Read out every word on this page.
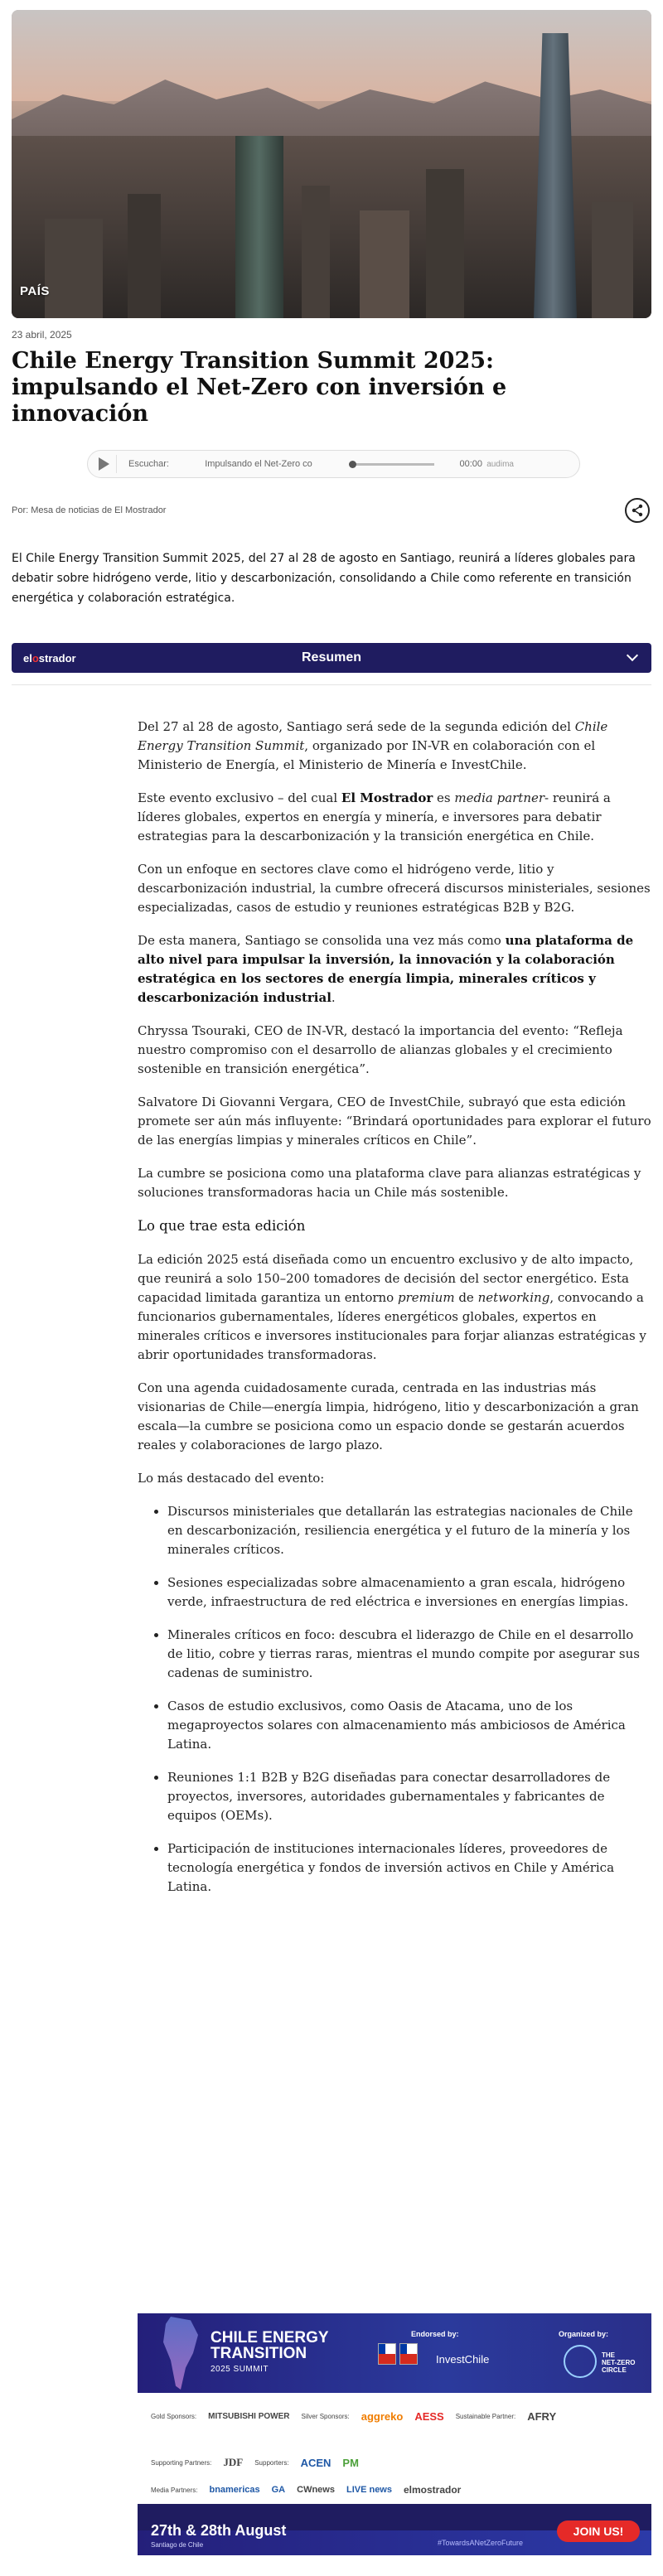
PAÍS
23 abril, 2025
Chile Energy Transition Summit 2025: impulsando el Net-Zero con inversión e innovación
Escuchar:	Impulsando el Net-Zero co	00:00 audima
Por: Mesa de noticias de El Mostrador

El Chile Energy Transition Summit 2025, del 27 al 28 de agosto en Santiago, reunirá a líderes globales para debatir sobre hidrógeno verde, litio y descarbonización, consolidando a Chile como referente en transición energética y colaboración estratégica.

elostrador	Resumen

Del 27 al 28 de agosto, Santiago será sede de la segunda edición del Chile Energy Transition Summit, organizado por IN-VR en colaboración con el Ministerio de Energía, el Ministerio de Minería e InvestChile.

Este evento exclusivo – del cual El Mostrador es media partner- reunirá a líderes globales, expertos en energía y minería, e inversores para debatir estrategias para la descarbonización y la transición energética en Chile.

Con un enfoque en sectores clave como el hidrógeno verde, litio y descarbonización industrial, la cumbre ofrecerá discursos ministeriales, sesiones especializadas, casos de estudio y reuniones estratégicas B2B y B2G.

De esta manera, Santiago se consolida una vez más como una plataforma de alto nivel para impulsar la inversión, la innovación y la colaboración estratégica en los sectores de energía limpia, minerales críticos y descarbonización industrial.

Chryssa Tsouraki, CEO de IN-VR, destacó la importancia del evento: “Refleja nuestro compromiso con el desarrollo de alianzas globales y el crecimiento sostenible en transición energética”.

Salvatore Di Giovanni Vergara, CEO de InvestChile, subrayó que esta edición promete ser aún más influyente: “Brindará oportunidades para explorar el futuro de las energías limpias y minerales críticos en Chile”.

La cumbre se posiciona como una plataforma clave para alianzas estratégicas y soluciones transformadoras hacia un Chile más sostenible.

Lo que trae esta edición

La edición 2025 está diseñada como un encuentro exclusivo y de alto impacto, que reunirá a solo 150–200 tomadores de decisión del sector energético. Esta capacidad limitada garantiza un entorno premium de networking, convocando a funcionarios gubernamentales, líderes energéticos globales, expertos en minerales críticos e inversores institucionales para forjar alianzas estratégicas y abrir oportunidades transformadoras.

Con una agenda cuidadosamente curada, centrada en las industrias más visionarias de Chile—energía limpia, hidrógeno, litio y descarbonización a gran escala—la cumbre se posiciona como un espacio donde se gestarán acuerdos reales y colaboraciones de largo plazo.

Lo más destacado del evento:

• Discursos ministeriales que detallarán las estrategias nacionales de Chile en descarbonización, resiliencia energética y el futuro de la minería y los minerales críticos.
• Sesiones especializadas sobre almacenamiento a gran escala, hidrógeno verde, infraestructura de red eléctrica e inversiones en energías limpias.
• Minerales críticos en foco: descubra el liderazgo de Chile en el desarrollo de litio, cobre y tierras raras, mientras el mundo compite por asegurar sus cadenas de suministro.
• Casos de estudio exclusivos, como Oasis de Atacama, uno de los megaproyectos solares con almacenamiento más ambiciosos de América Latina.
• Reuniones 1:1 B2B y B2G diseñadas para conectar desarrolladores de proyectos, inversores, autoridades gubernamentales y fabricantes de equipos (OEMs).
• Participación de instituciones internacionales líderes, proveedores de tecnología energética y fondos de inversión activos en Chile y América Latina.
CHILE ENERGY
TRANSITION
2025 SUMMIT
Endorsed by:
InvestChile
Organized by:
THE
NET-ZERO
CIRCLE
Gold Sponsors: MITSUBISHI POWER Silver Sponsors: aggreko AESS Sustainable Partner: AFRY
Supporting Partners: JDF Supporters: ACEN PM
Media Partners: bnamericas GA CWnews LIVE news elmostrador
27th & 28th August
Santiago de Chile	#TowardsANetZeroFuture
JOIN US!
